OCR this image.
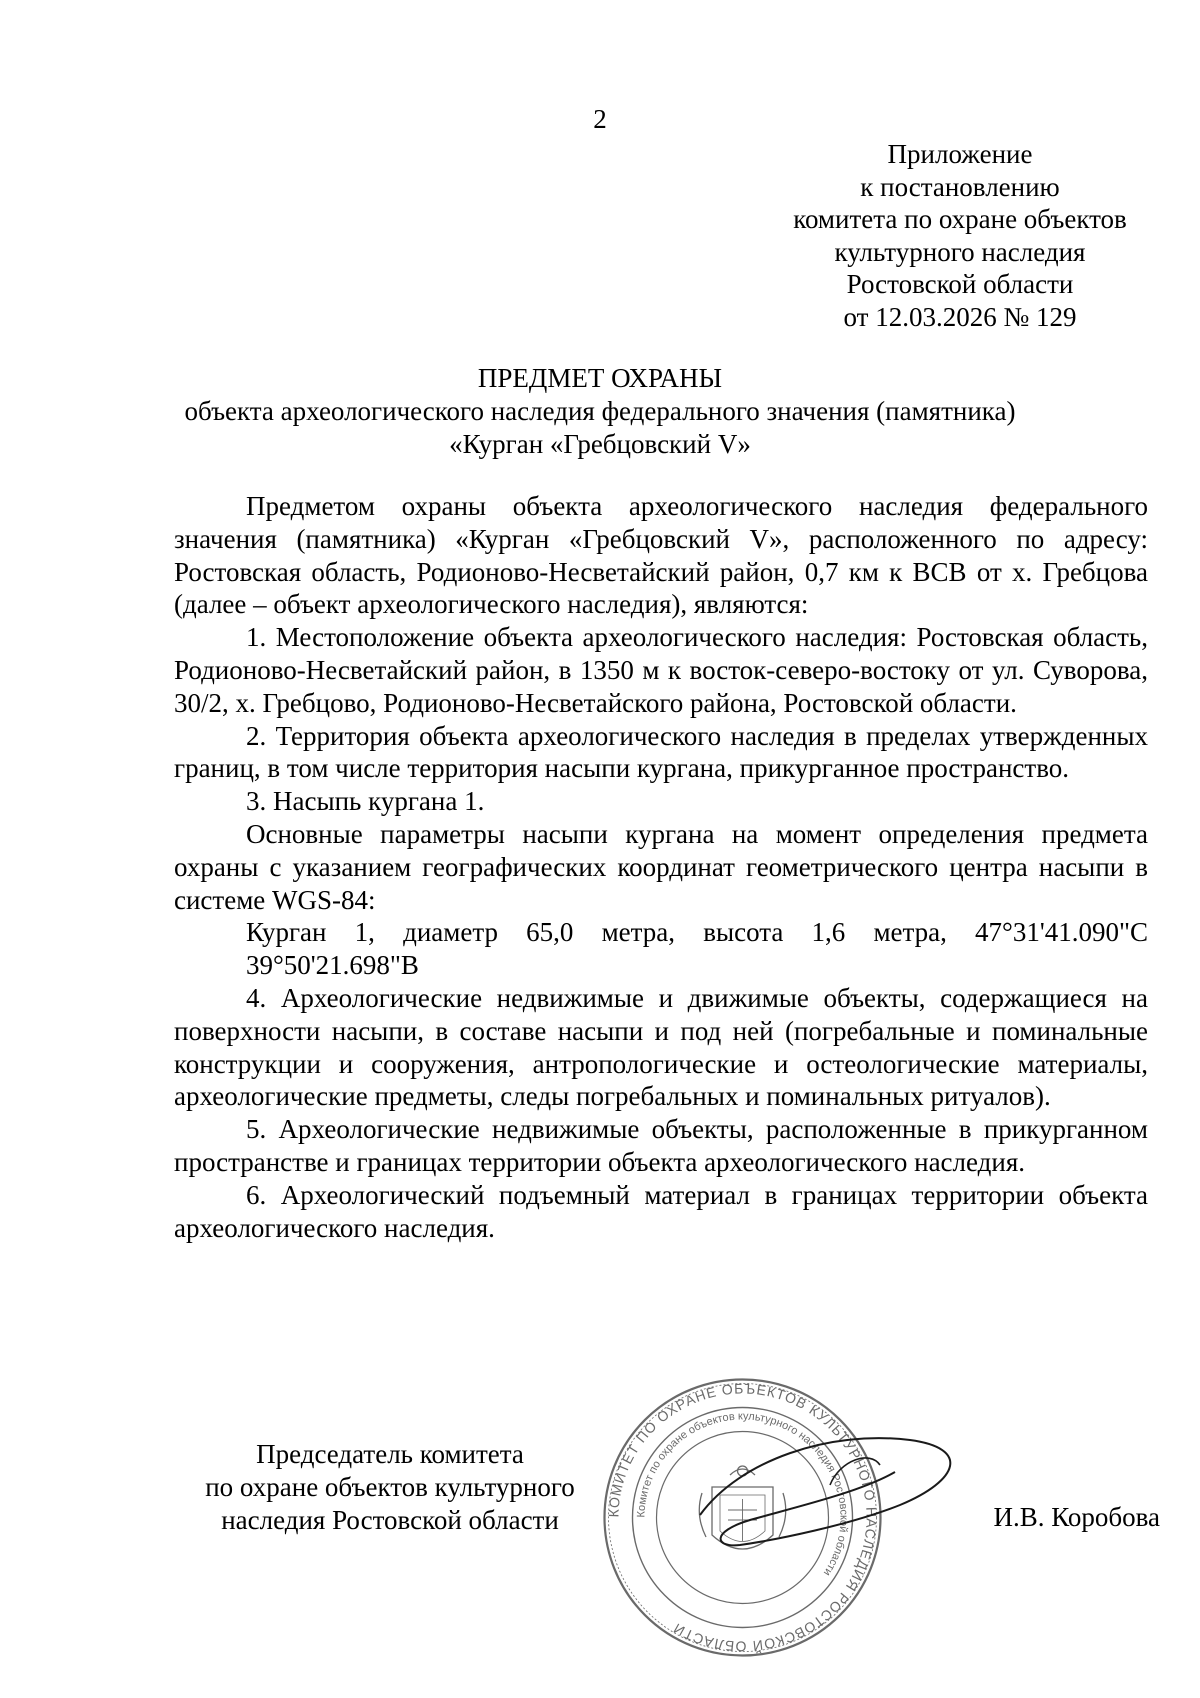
2
Приложение
к постановлению
комитета по охране объектов
культурного наследия
Ростовской области
от 12.03.2026 № 129
ПРЕДМЕТ ОХРАНЫ
объекта археологического наследия федерального значения (памятника)
«Курган «Гребцовский V»

Предметом охраны объекта археологического наследия федерального значения (памятника) «Курган «Гребцовский V», расположенного по адресу: Ростовская область, Родионово-Несветайский район, 0,7 км к ВСВ от х. Гребцова (далее – объект археологического наследия), являются:

1. Местоположение объекта археологического наследия: Ростовская область, Родионово-Несветайский район, в 1350 м к восток-северо-востоку от ул. Суворова, 30/2, х. Гребцово, Родионово-Несветайского района, Ростовской области.

2. Территория объекта археологического наследия в пределах утвержденных границ, в том числе территория насыпи кургана, прикурганное пространство.

3. Насыпь кургана 1.

Основные параметры насыпи кургана на момент определения предмета охраны с указанием географических координат геометрического центра насыпи в системе WGS-84:

Курган 1, диаметр 65,0 метра, высота 1,6 метра, 47°31'41.090"С 39°50'21.698"В

4. Археологические недвижимые и движимые объекты, содержащиеся на поверхности насыпи, в составе насыпи и под ней (погребальные и поминальные конструкции и сооружения, антропологические и остеологические материалы, археологические предметы, следы погребальных и поминальных ритуалов).

5. Археологические недвижимые объекты, расположенные в прикурганном пространстве и границах территории объекта археологического наследия.

6. Археологический подъемный материал в границах территории объекта археологического наследия.

Председатель комитета
по охране объектов культурного
наследия Ростовской области	КОМИТЕТ ПО ОХРАНЕ ОБЪЕКТОВ КУЛЬТУРНОГО НАСЛЕДИЯ РОСТОВСКОЙ ОБЛАСТИ
Комитет по охране объектов культурного наследия Ростовской области
И.В. Коробова
